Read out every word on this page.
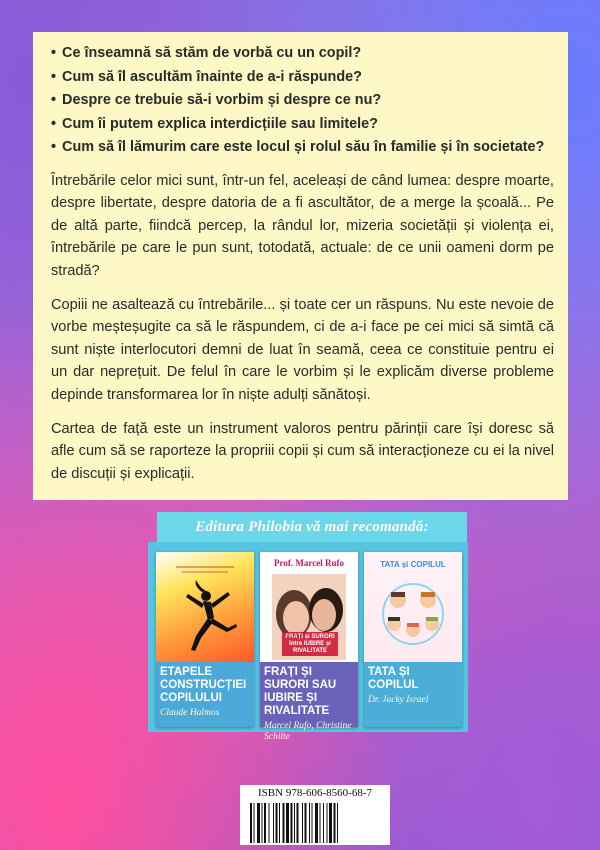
• Ce înseamnă să stăm de vorbă cu un copil?
• Cum să îl ascultăm înainte de a-i răspunde?
• Despre ce trebuie să-i vorbim și despre ce nu?
• Cum îi putem explica interdicțiile sau limitele?
• Cum să îl lămurim care este locul și rolul său în familie și în societate?

Întrebările celor mici sunt, într-un fel, aceleași de când lumea: despre moarte, despre libertate, despre datoria de a fi ascultător, de a merge la școală... Pe de altă parte, fiindcă percep, la rândul lor, mizeria societății și violența ei, întrebările pe care le pun sunt, totodată, actuale: de ce unii oameni dorm pe stradă?

Copiii ne asaltează cu întrebările... și toate cer un răspuns. Nu este nevoie de vorbe meșteșugite ca să le răspundem, ci de a-i face pe cei mici să simtă că sunt niște interlocutori demni de luat în seamă, ceea ce constituie pentru ei un dar neprețuit. De felul în care le vorbim și le explicăm diverse probleme depinde transformarea lor în niște adulți sănătoși.

Cartea de față este un instrument valoros pentru părinții care își doresc să afle cum să se raporteze la propriii copii și cum să interacționeze cu ei la nivel de discuții și explicații.

Editura Philobia vă mai recomandă:
ETAPELE CONSTRUCȚIEI COPILULUI
Claude Halmos
Prof. Marcel Rufo
FRAȚI și SURORI între IUBIRE și RIVALITATE
FRAȚI ȘI SURORI SAU IUBIRE ȘI RIVALITATE
Marcel Rufo, Christine Schilte
TATA și COPILUL
TATA ȘI COPILUL
Dr. Jacky Israel
ISBN 978-606-8560-68-7
